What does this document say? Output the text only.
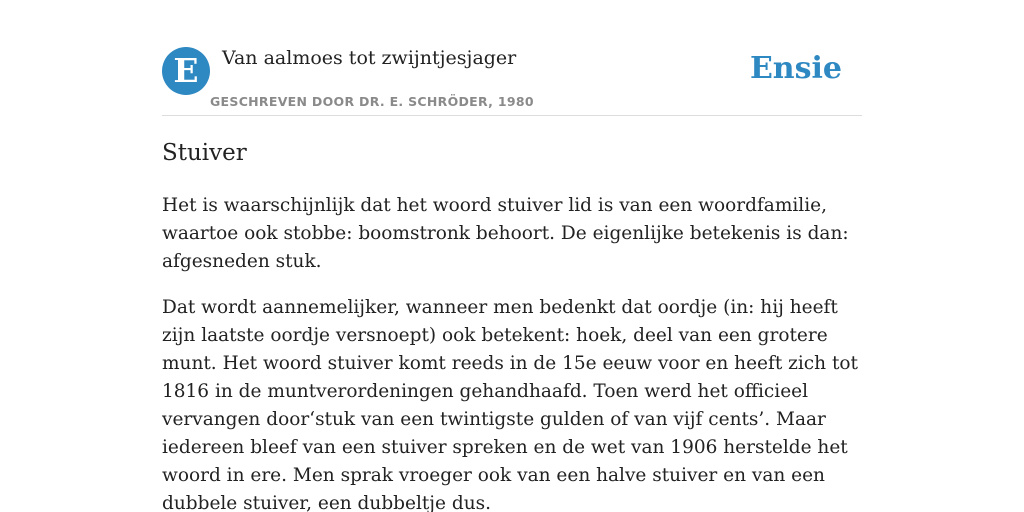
E	Van aalmoes tot zwijntjesjager
GESCHREVEN DOOR DR. E. SCHRÖDER, 1980
Ensie
Stuiver

Het is waarschijnlijk dat het woord stuiver lid is van een woordfamilie, waartoe ook stobbe: boomstronk behoort. De eigenlijke betekenis is dan: afgesneden stuk.

Dat wordt aannemelijker, wanneer men bedenkt dat oordje (in: hij heeft zijn laatste oordje versnoept) ook betekent: hoek, deel van een grotere munt. Het woord stuiver komt reeds in de 15e eeuw voor en heeft zich tot 1816 in de muntverordeningen gehandhaafd. Toen werd het officieel vervangen door‘stuk van een twintigste gulden of van vijf cents’. Maar iedereen bleef van een stuiver spreken en de wet van 1906 herstelde het woord in ere. Men sprak vroeger ook van een halve stuiver en van een dubbele stuiver, een dubbeltje dus.
